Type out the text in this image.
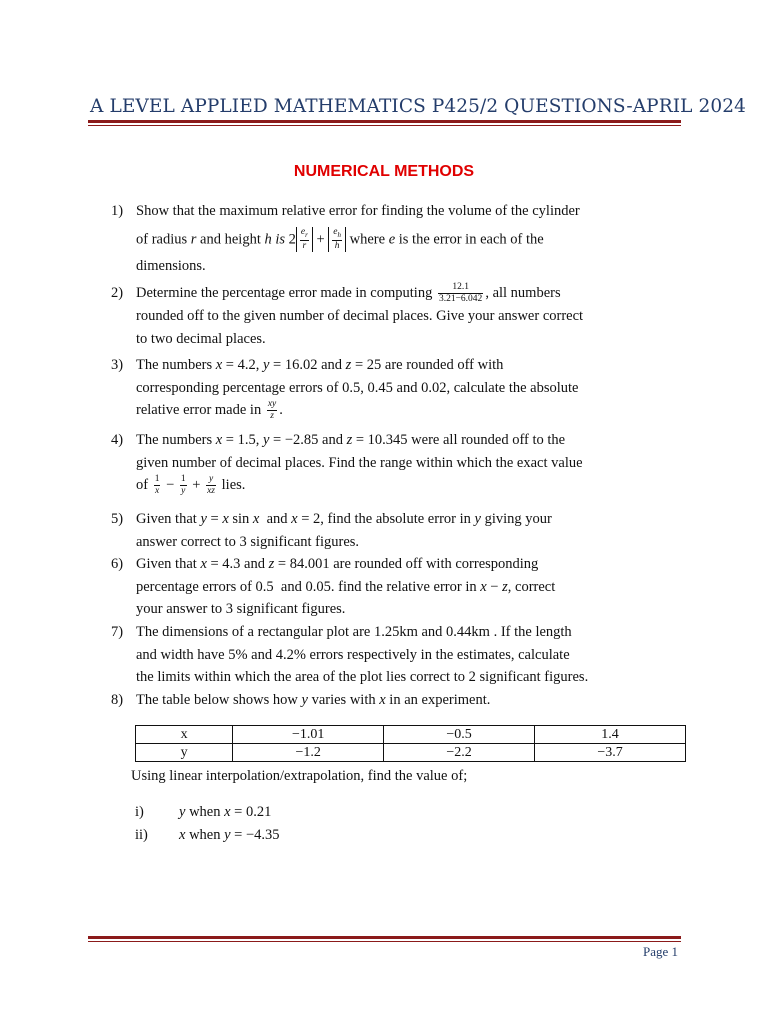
A LEVEL APPLIED MATHEMATICS P425/2 QUESTIONS-APRIL 2024
NUMERICAL METHODS
1) Show that the maximum relative error for finding the volume of the cylinder
of radius r and height h is $2 \frac{e_r}{r} + \frac{e_h}{h}$ where e is the error in each of the
dimensions.
2) Determine the percentage error made in computing $\frac{12.1}{3.21-6.042}$ , all numbers
rounded off to the given number of decimal places. Give your answer correct
to two decimal places.
3) The numbers x = 4.2, y = 16.02 and z = 25 are rounded off with
corresponding percentage errors of 0.5, 0.45 and 0.02, calculate the absolute
relative error made in $\frac{xy}{z}$ .
4) The numbers x = 1.5, y = −2.85 and z = 10.345 were all rounded off to the
given number of decimal places. Find the range within which the exact value
of $\frac{1}{x} - \frac{1}{y} + \frac{y}{xz}$ lies.
5) Given that y = x sin x  and x = 2, find the absolute error in y giving your
answer correct to 3 significant figures.
6) Given that x = 4.3 and z = 84.001 are rounded off with corresponding
percentage errors of 0.5  and 0.05. find the relative error in x − z, correct
your answer to 3 significant figures.
7) The dimensions of a rectangular plot are 1.25km and 0.44km . If the length
and width have 5% and 4.2% errors respectively in the estimates, calculate
the limits within which the area of the plot lies correct to 2 significant figures.
8) The table below shows how y varies with x in an experiment.
x	−1.01	−0.5	1.4
y	−1.2	−2.2	−3.7
Using linear interpolation/extrapolation, find the value of;
i) y when x = 0.21
ii) x when y = −4.35
Page 1
